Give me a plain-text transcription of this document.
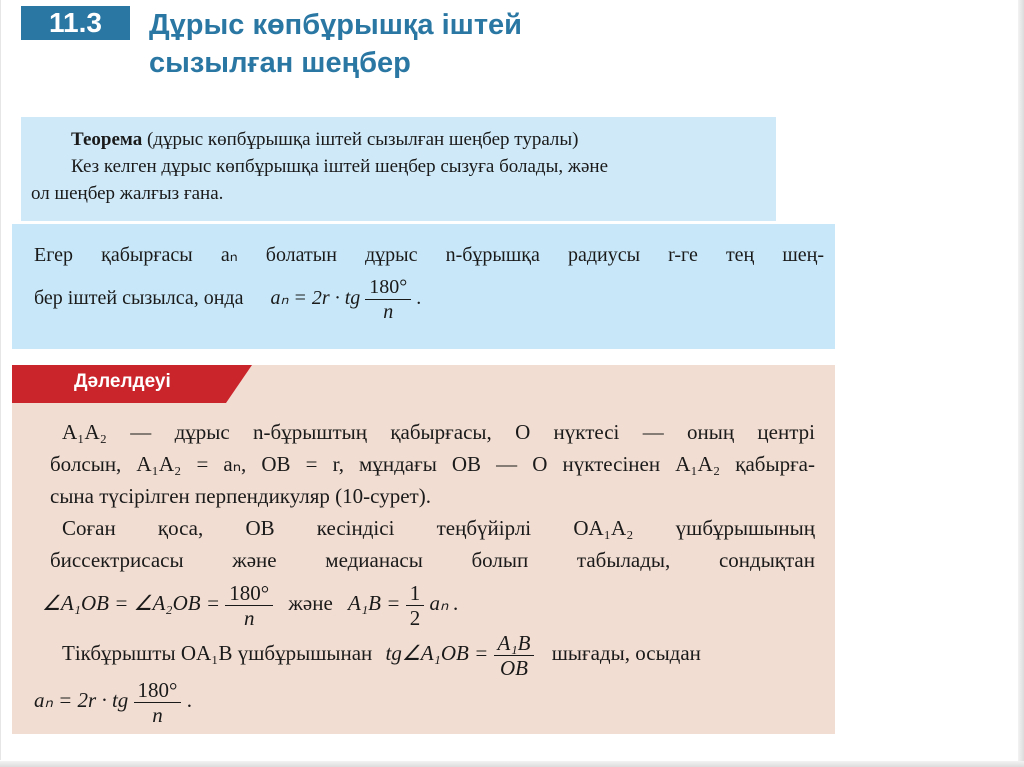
11.3	Дұрыс көпбұрышқа іштей
сызылған шеңбер

Теорема (дұрыс көпбұрышқа іштей сызылған шеңбер туралы)

Кез келген дұрыс көпбұрышқа іштей шеңбер сызуға болады, және

ол шеңбер жалғыз ғана.

Егер қабырғасы aₙ болатын дұрыс n-бұрышқа радиусы r-ге тең шең-
бер іштей сызылса, онда aₙ = 2r · tg $\frac{180^\circ}{n}$ .
Дәлелдеуі
A₁A₂ — дұрыс n-бұрыштың қабырғасы, O нүктесі — оның центрі
болсын, A₁A₂ = aₙ, OB = r, мұндағы OB — O нүктесінен A₁A₂ қабырға-
сына түсірілген перпендикуляр (10-сурет).
Соған қоса, OB кесіндісі теңбүйірлі OA₁A₂ үшбұрышының
биссектрисасы және медианасы болып табылады, сондықтан
∠A₁OB = ∠A₂OB = $\frac{180^\circ}{n}$ және $A_1B = \frac{1}{2}$ aₙ .
Тікбұрышты OA₁B үшбұрышынан tg∠A₁OB = $\frac{\text{A₁B}}{OB}$ шығады, осыдан
aₙ = 2r · tg $\frac{180^\circ}{n}$ .
